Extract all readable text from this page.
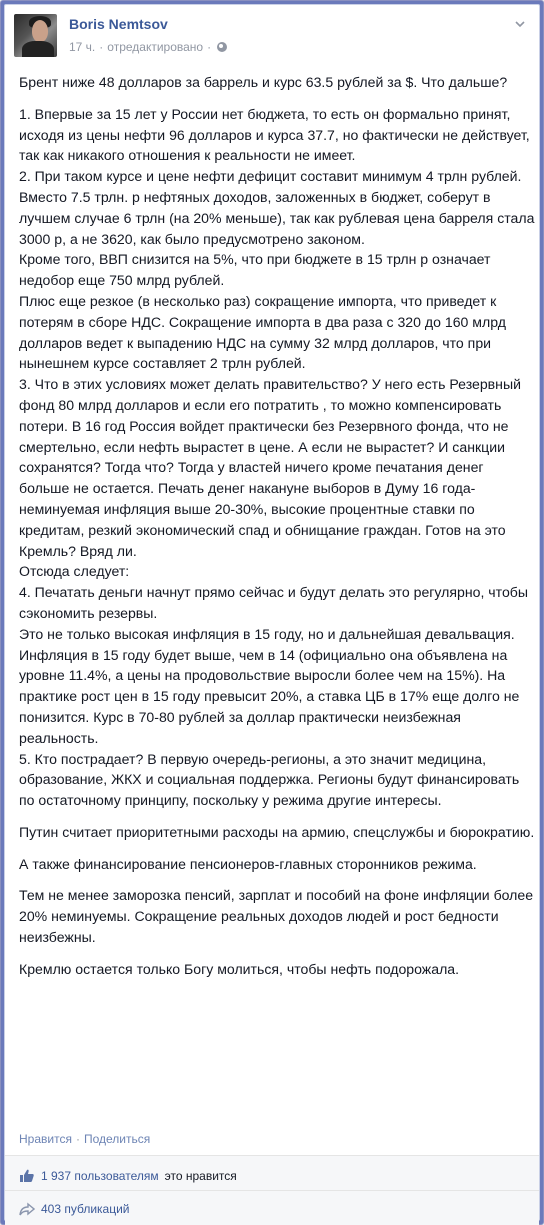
Boris Nemtsov
17 ч. · отредактировано ·

Брент ниже 48 долларов за баррель и курс 63.5 рублей за $. Что дальше?

1. Впервые за 15 лет у России нет бюджета, то есть он формально принят, исходя из цены нефти 96 долларов и курса 37.7, но фактически не действует, так как никакого отношения к реальности не имеет.
2. При таком курсе и цене нефти дефицит составит минимум 4 трлн рублей.
Вместо 7.5 трлн. р нефтяных доходов, заложенных в бюджет, соберут в лучшем случае 6 трлн (на 20% меньше), так как рублевая цена барреля стала 3000 р, а не 3620, как было предусмотрено законом.
Кроме того, ВВП снизится на 5%, что при бюджете в 15 трлн р означает недобор еще 750 млрд рублей.
Плюс еще резкое (в несколько раз) сокращение импорта, что приведет к потерям в сборе НДС. Сокращение импорта в два раза с 320 до 160 млрд долларов ведет к выпадению НДС на сумму 32 млрд долларов, что при нынешнем курсе составляет 2 трлн рублей.
3. Что в этих условиях может делать правительство? У него есть Резервный фонд 80 млрд долларов и если его потратить , то можно компенсировать потери. В 16 год Россия войдет практически без Резервного фонда, что не смертельно, если нефть вырастет в цене. А если не вырастет? И санкции сохранятся? Тогда что? Тогда у властей ничего кроме печатания денег больше не остается. Печать денег накануне выборов в Думу 16 года-неминуемая инфляция выше 20-30%, высокие процентные ставки по кредитам, резкий экономический спад и обнищание граждан. Готов на это Кремль? Вряд ли.
Отсюда следует:
4. Печатать деньги начнут прямо сейчас и будут делать это регулярно, чтобы сэкономить резервы.
Это не только высокая инфляция в 15 году, но и дальнейшая девальвация.
Инфляция в 15 году будет выше, чем в 14 (официально она объявлена на уровне 11.4%, а цены на продовольствие выросли более чем на 15%). На практике рост цен в 15 году превысит 20%, а ставка ЦБ в 17% еще долго не понизится. Курс в 70-80 рублей за доллар практически неизбежная реальность.
5. Кто пострадает? В первую очередь-регионы, а это значит медицина, образование, ЖКХ и социальная поддержка. Регионы будут финансировать по остаточному принципу, поскольку у режима другие интересы.

Путин считает приоритетными расходы на армию, спецслужбы и бюрократию.

А также финансирование пенсионеров-главных сторонников режима.

Тем не менее заморозка пенсий, зарплат и пособий на фоне инфляции более 20% неминуемы. Сокращение реальных доходов людей и рост бедности неизбежны.

Кремлю остается только Богу молиться, чтобы нефть подорожала.

Нравится · Поделиться
1 937 пользователям это нравится
403 публикаций
